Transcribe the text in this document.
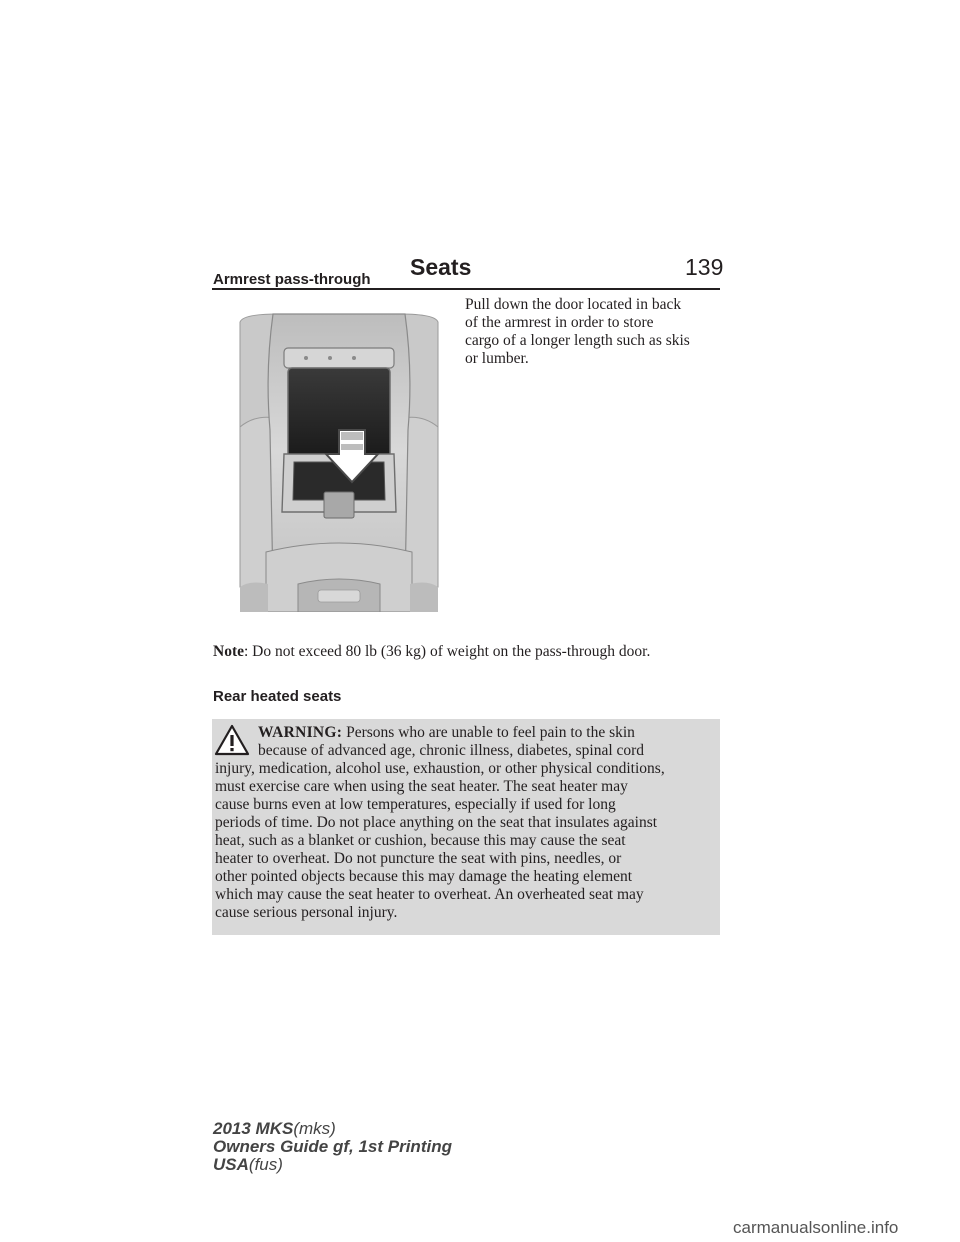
Seats	139
Armrest pass-through
Pull down the door located in back
of the armrest in order to store
cargo of a longer length such as skis
or lumber.
Note: Do not exceed 80 lb (36 kg) of weight on the pass-through door.
Rear heated seats
WARNING: Persons who are unable to feel pain to the skin
because of advanced age, chronic illness, diabetes, spinal cord
injury, medication, alcohol use, exhaustion, or other physical conditions,
must exercise care when using the seat heater. The seat heater may
cause burns even at low temperatures, especially if used for long
periods of time. Do not place anything on the seat that insulates against
heat, such as a blanket or cushion, because this may cause the seat
heater to overheat. Do not puncture the seat with pins, needles, or
other pointed objects because this may damage the heating element
which may cause the seat heater to overheat. An overheated seat may
cause serious personal injury.
2013 MKS(mks)
Owners Guide gf, 1st Printing
USA(fus)
carmanualsonline.info
